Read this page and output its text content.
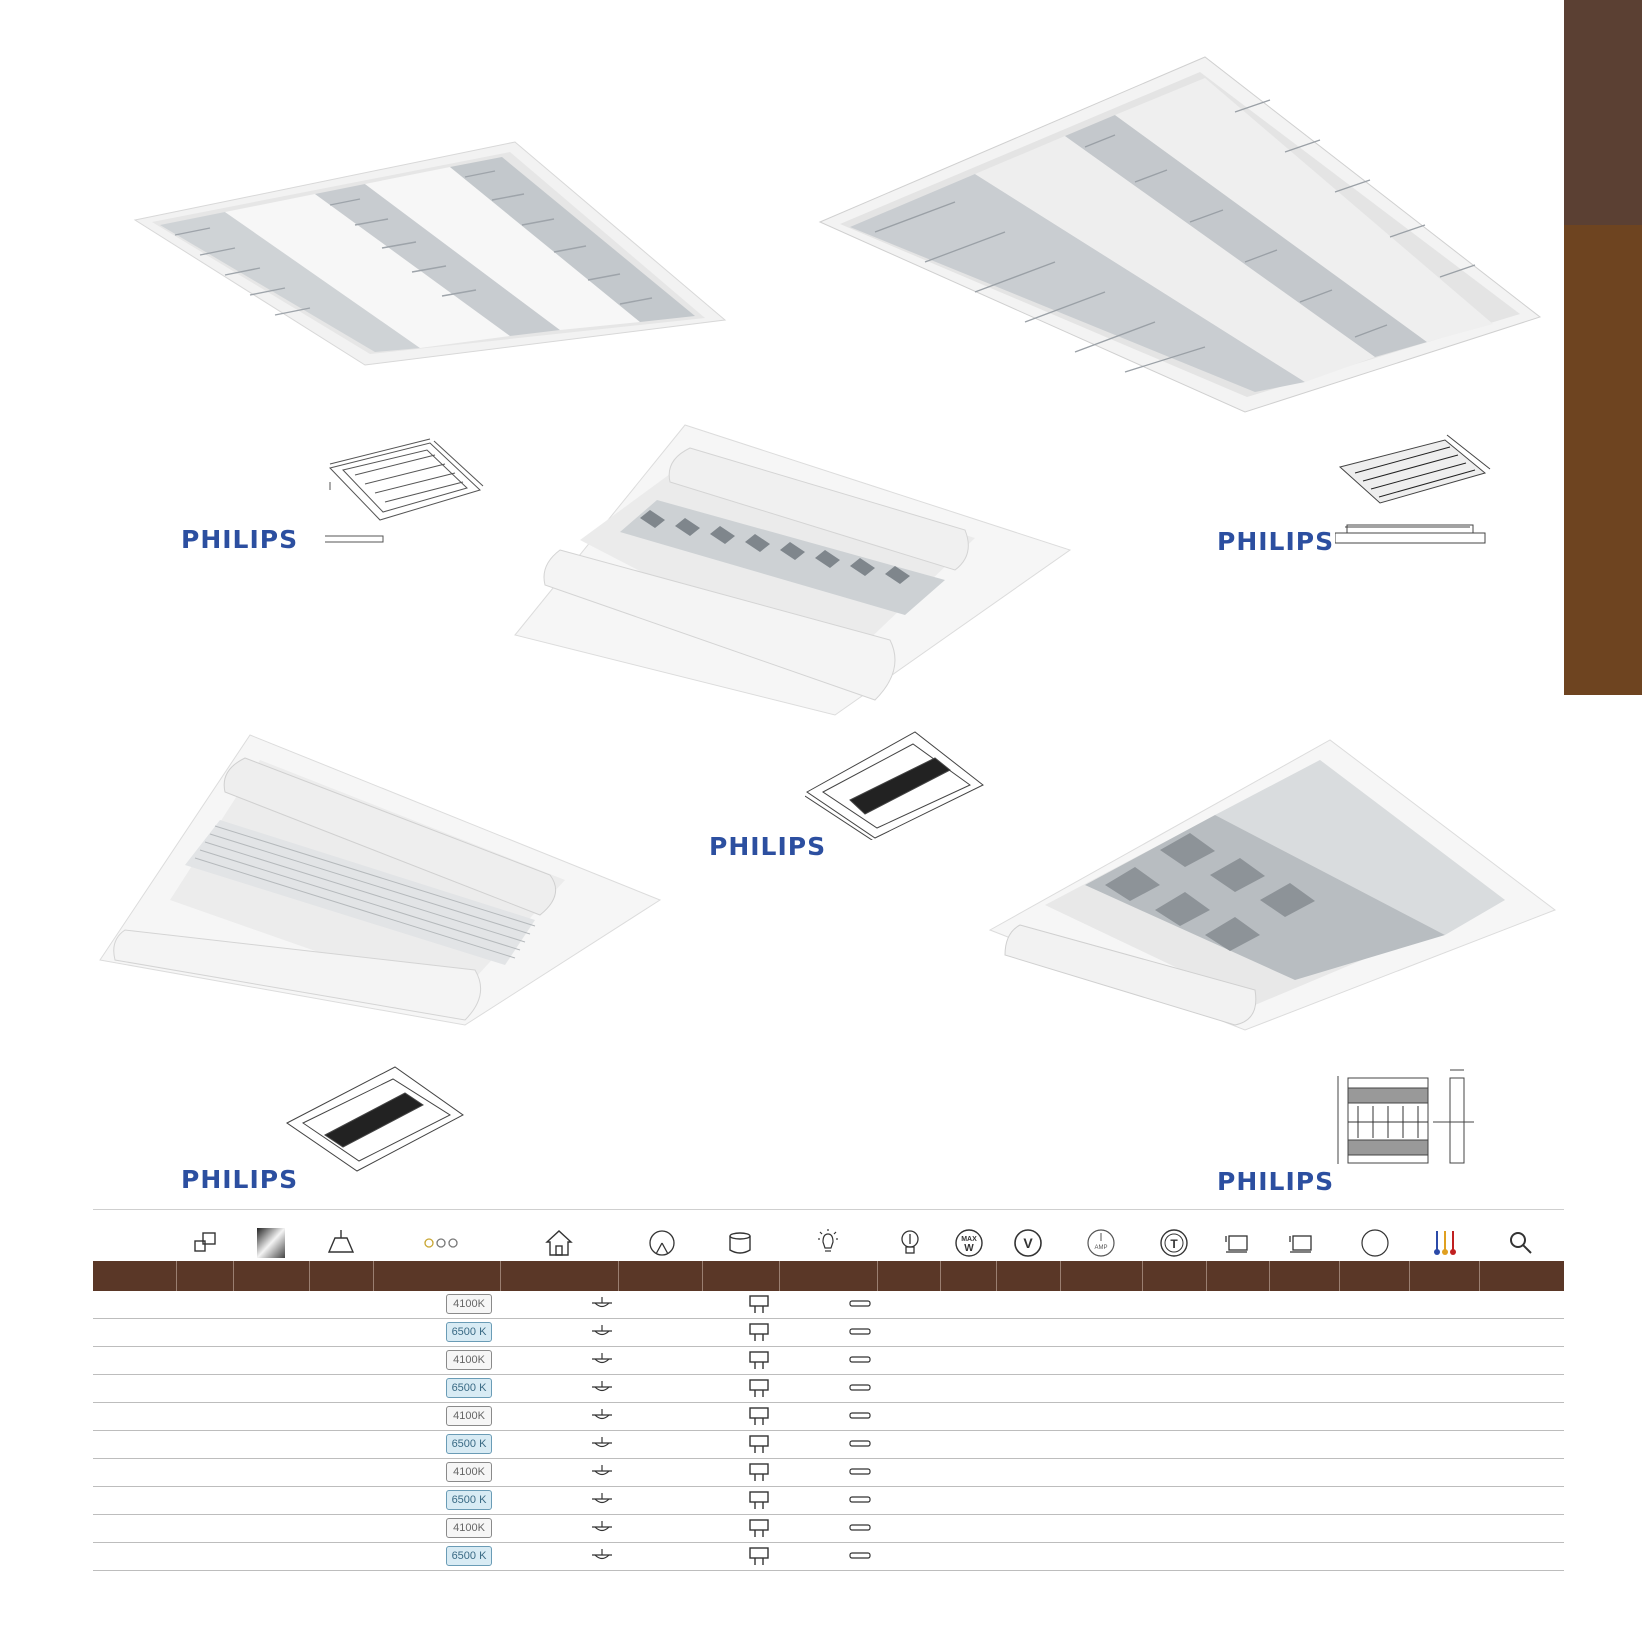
PHILIPS	PHILIPS
PHILIPS
PHILIPS	PHILIPS
MAX
W	V	AMP	T
4100K
6500 K
4100K
6500 K
4100K
6500 K
4100K
6500 K
4100K
6500 K
